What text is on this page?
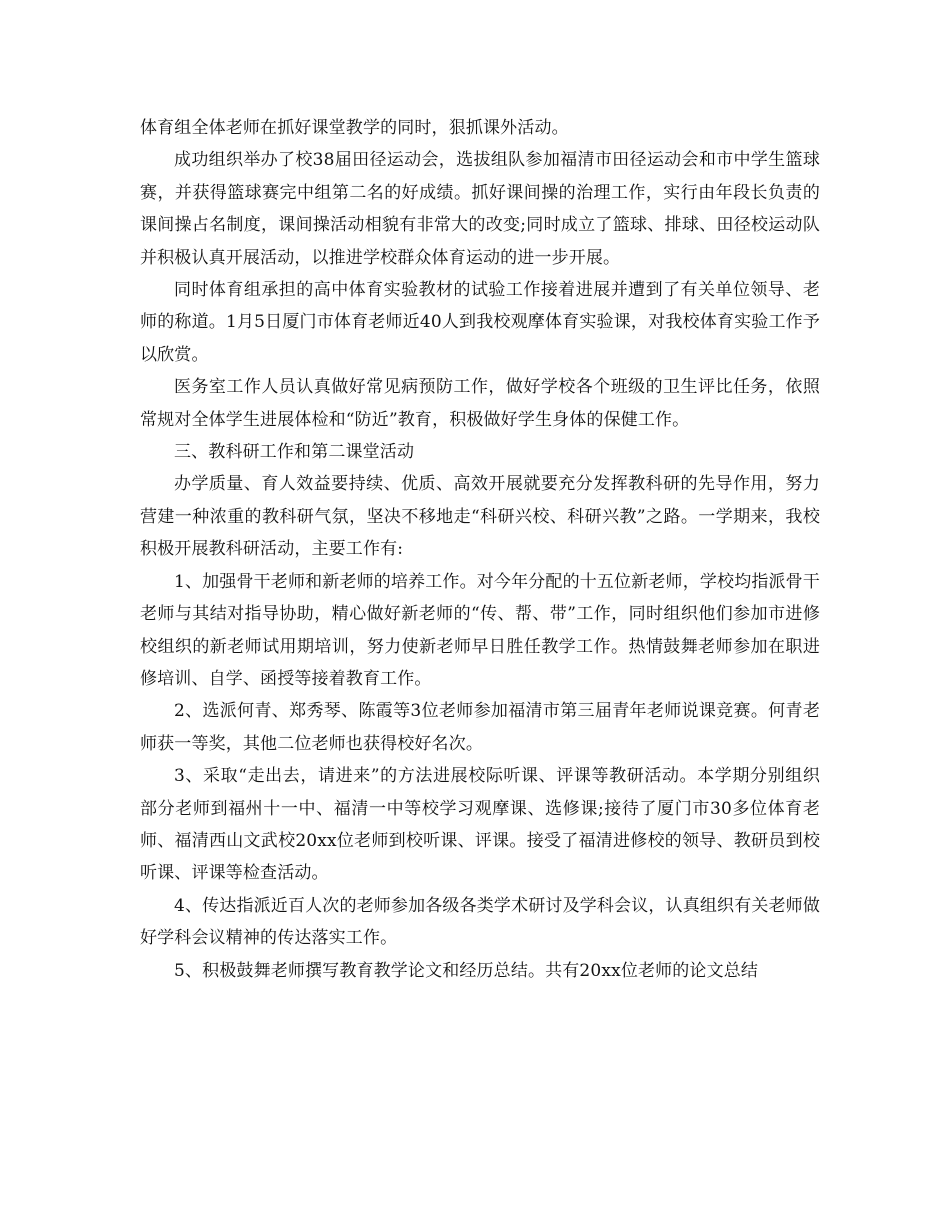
体育组全体老师在抓好课堂教学的同时，狠抓课外活动。

成功组织举办了校38届田径运动会，选拔组队参加福清市田径运动会和市中学生篮球赛，并获得篮球赛完中组第二名的好成绩。抓好课间操的治理工作，实行由年段长负责的课间操占名制度，课间操活动相貌有非常大的改变;同时成立了篮球、排球、田径校运动队并积极认真开展活动，以推进学校群众体育运动的进一步开展。

同时体育组承担的高中体育实验教材的试验工作接着进展并遭到了有关单位领导、老师的称道。1月5日厦门市体育老师近40人到我校观摩体育实验课，对我校体育实验工作予以欣赏。

医务室工作人员认真做好常见病预防工作，做好学校各个班级的卫生评比任务，依照常规对全体学生进展体检和“防近”教育，积极做好学生身体的保健工作。

三、教科研工作和第二课堂活动

办学质量、育人效益要持续、优质、高效开展就要充分发挥教科研的先导作用，努力营建一种浓重的教科研气氛，坚决不移地走“科研兴校、科研兴教”之路。一学期来，我校积极开展教科研活动，主要工作有:

1、加强骨干老师和新老师的培养工作。对今年分配的十五位新老师，学校均指派骨干老师与其结对指导协助，精心做好新老师的“传、帮、带”工作，同时组织他们参加市进修校组织的新老师试用期培训，努力使新老师早日胜任教学工作。热情鼓舞老师参加在职进修培训、自学、函授等接着教育工作。

2、选派何青、郑秀琴、陈霞等3位老师参加福清市第三届青年老师说课竞赛。何青老师获一等奖，其他二位老师也获得校好名次。

3、采取“走出去，请进来”的方法进展校际听课、评课等教研活动。本学期分别组织部分老师到福州十一中、福清一中等校学习观摩课、选修课;接待了厦门市30多位体育老师、福清西山文武校20xx位老师到校听课、评课。接受了福清进修校的领导、教研员到校听课、评课等检查活动。

4、传达指派近百人次的老师参加各级各类学术研讨及学科会议，认真组织有关老师做好学科会议精神的传达落实工作。

5、积极鼓舞老师撰写教育教学论文和经历总结。共有20xx位老师的论文总结
